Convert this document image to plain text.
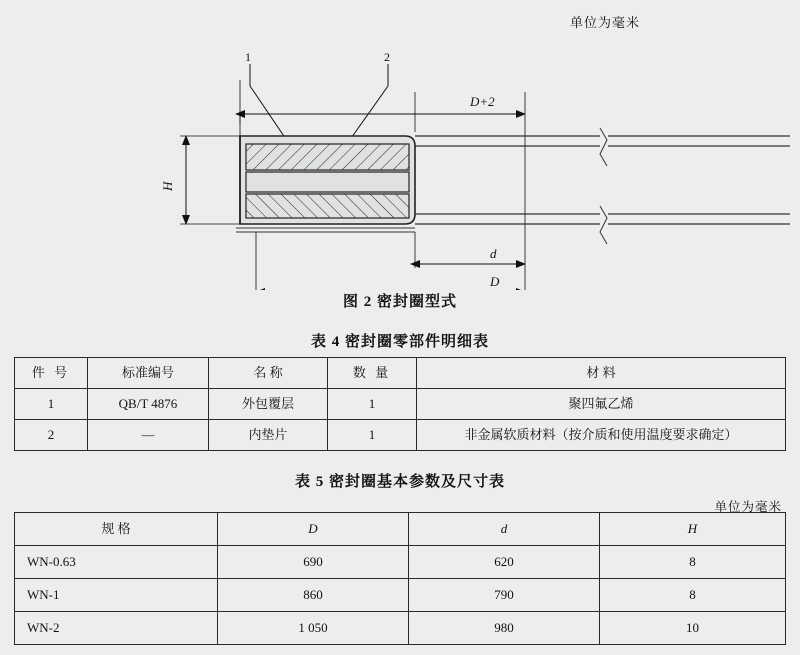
单位为毫米
1	2
D+2
H
d
D
图 2 密封圈型式
表 4 密封圈零部件明细表
件 号	标准编号	名 称	数 量	材 料
1	QB/T 4876	外包覆层	1	聚四氟乙烯
2	—	内垫片	1	非金属软质材料（按介质和使用温度要求确定）
表 5 密封圈基本参数及尺寸表
单位为毫米
规 格	D	d	H
WN-0.63	690	620	8
WN-1	860	790	8
WN-2	1 050	980	10
